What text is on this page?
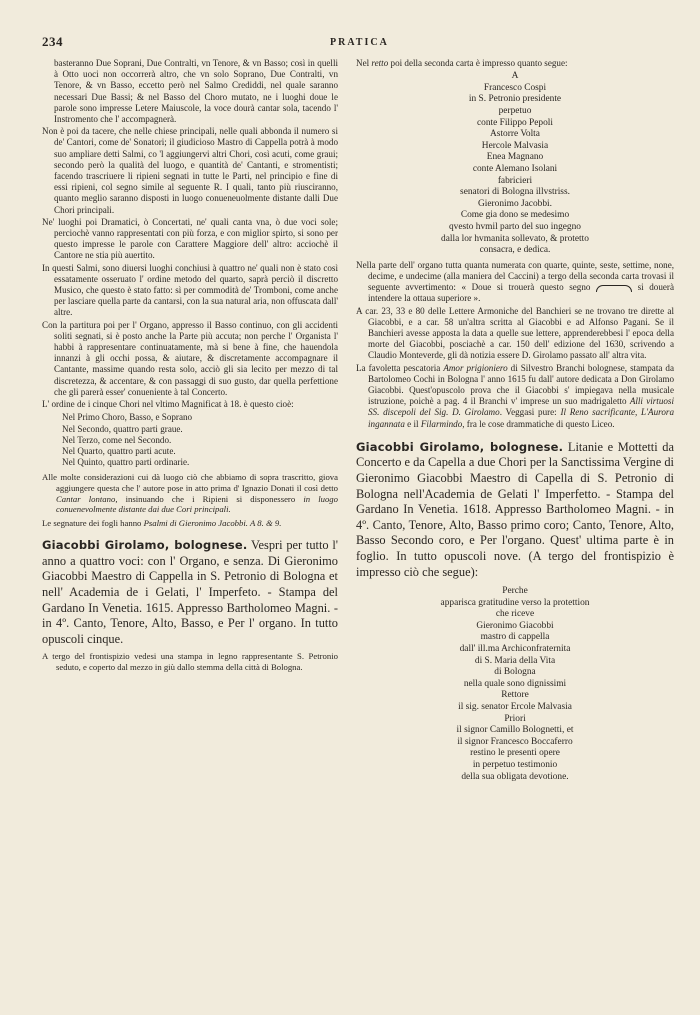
234	PRATICA

basteranno Due Soprani, Due Contralti, vn Tenore, & vn Basso; così in quelli à Otto uoci non occorrerà altro, che vn solo Soprano, Due Contralti, vn Tenore, & vn Basso, eccetto però nel Salmo Crediddi, nel quale saranno necessari Due Bassi; & nel Basso del Choro mutato, ne i luoghi doue le parole sono impresse Letere Maiuscole, la voce dourà cantar sola, tacendo l' Instromento che l' accompagnerà.

Non è poi da tacere, che nelle chiese principali, nelle quali abbonda il numero si de' Cantori, come de' Sonatori; il giudicioso Mastro di Cappella potrà à modo suo ampliare detti Salmi, co 'l aggiungervi altri Chori, così acuti, come graui; secondo però la qualità del luogo, e quantità de' Cantanti, e stromentisti; facendo trascriuere li ripieni segnati in tutte le Parti, nel principio e fine di essi ripieni, col segno simile al seguente R. I quali, tanto più riusciranno, quanto meglio saranno disposti in luogo conueneuolmente distante dalli Due Chori principali.

Ne' luoghi poi Dramatici, ò Concertati, ne' quali canta vna, ò due voci sole; perciochè vanno rappresentati con più forza, e con miglior spirto, si sono per questo impresse le parole con Carattere Maggiore dell' altro: acciochè il Cantore ne stia più auertito.

In questi Salmi, sono diuersi luoghi conchiusi à quattro ne' quali non è stato così essatamente osseruato l' ordine metodo del quarto, saprà perciò il discretto Musico, che questo è stato fatto: sì per commodità de' Tromboni, come anche per lasciare quella parte da cantarsi, con la sua natural aria, non offuscata dall' altre.

Con la partitura poi per l' Organo, appresso il Basso continuo, con gli accidenti soliti segnati, si è posto anche la Parte più accuta; non perche l' Organista l' habbi à rappresentare continuatamente, mà si bene à fine, che hauendola innanzi à gli occhi possa, & aiutare, & discretamente accompagnare il Cantante, massime quando resta solo, acciò gli sia lecito per mezzo di tal discretezza, & accentare, & con passaggi di suo gusto, dar quella perfettione che gli parerà esser' conueniente à tal Concerto.

L' ordine de i cinque Chori nel vltimo Magnificat à 18. è questo cioè:

Nel Primo Choro, Basso, e Soprano
Nel Secondo, quattro parti graue.
Nel Terzo, come nel Secondo.
Nel Quarto, quattro parti acute.
Nel Quinto, quattro parti ordinarie.

Alle molte considerazioni cui dà luogo ciò che abbiamo di sopra trascritto, giova aggiungere questa che l' autore pose in atto prima d' Ignazio Donati il così detto Cantar lontano, insinuando che i Ripieni si disponessero in luogo conuenevolmente distante dai due Cori principali.

Le segnature dei fogli hanno Psalmi di Gieronimo Jacobbi. A 8. & 9.

Giacobbi Girolamo, bolognese. Vespri per tutto l' anno a quattro voci: con l' Organo, e senza. Di Gieronimo Giacobbi Maestro di Cappella in S. Petronio di Bologna et nell' Academia de i Gelati, l' Imperfeto. - Stampa del Gardano In Venetia. 1615. Appresso Bartholomeo Magni. - in 4º. Canto, Tenore, Alto, Basso, e Per l' organo. In tutto opuscoli cinque.

A tergo del frontispizio vedesi una stampa in legno rappresentante S. Petronio seduto, e coperto dal mezzo in giù dallo stemma della città di Bologna.

Nel retto poi della seconda carta è impresso quanto segue:

A

Francesco Cospi

in S. Petronio presidente

perpetuo

conte Filippo Pepoli

Astorre Volta

Hercole Malvasia

Enea Magnano

conte Alemano Isolani

fabricieri

senatori di Bologna illvstriss.

Gieronimo Jacobbi.

Come gia dono se medesimo

qvesto hvmil parto del suo ingegno

dalla lor hvmanita sollevato, & protetto

consacra, e dedica.

Nella parte dell' organo tutta quanta numerata con quarte, quinte, seste, settime, none, decime, e undecime (alla maniera del Caccini) a tergo della seconda carta trovasi il seguente avvertimento: « Doue si trouerà questo segno	si douerà intendere la ottaua superiore ».

A car. 23, 33 e 80 delle Lettere Armoniche del Banchieri se ne trovano tre dirette al Giacobbi, e a car. 58 un'altra scritta al Giacobbi e ad Alfonso Pagani. Se il Banchieri avesse apposta la data a quelle sue lettere, apprenderebbesi l' epoca della morte del Giacobbi, posciachè a car. 150 dell' edizione del 1630, scrivendo a Claudio Monteverde, gli dà notizia essere D. Girolamo passato all' altra vita.

La favoletta pescatoria Amor prigioniero di Silvestro Branchi bolognese, stampata da Bartolomeo Cochi in Bologna l' anno 1615 fu dall' autore dedicata a Don Girolamo Giacobbi. Quest'opuscolo prova che il Giacobbi s' impiegava nella musicale istruzione, poichè a pag. 4 il Branchi v' imprese un suo madrigaletto Alli virtuosi SS. discepoli del Sig. D. Girolamo. Veggasi pure: Il Reno sacrificante, L'Aurora ingannata e il Filarmindo, fra le cose drammatiche di questo Liceo.

Giacobbi Girolamo, bolognese. Litanie e Mottetti da Concerto e da Capella a due Chori per la Sanctissima Vergine di Gieronimo Giacobbi Maestro di Capella di S. Petronio di Bologna nell'Academia de Gelati l' Imperfetto. - Stampa del Gardano In Venetia. 1618. Appresso Bartholomeo Magni. - in 4º. Canto, Tenore, Alto, Basso primo coro; Canto, Tenore, Alto, Basso Secondo coro, e Per l'organo. Quest' ultima parte è in foglio. In tutto opuscoli nove. (A tergo del frontispizio è impresso ciò che segue):

Perche

apparisca gratitudine verso la protettion

che riceve

Gieronimo Giacobbi

mastro di cappella

dall' ill.ma Archiconfraternita

di S. Maria della Vita

di Bologna

nella quale sono dignissimi

Rettore

il sig. senator Ercole Malvasia

Priori

il signor Camillo Bolognetti, et

il signor Francesco Boccaferro

restino le presenti opere

in perpetuo testimonio

della sua obligata devotione.
